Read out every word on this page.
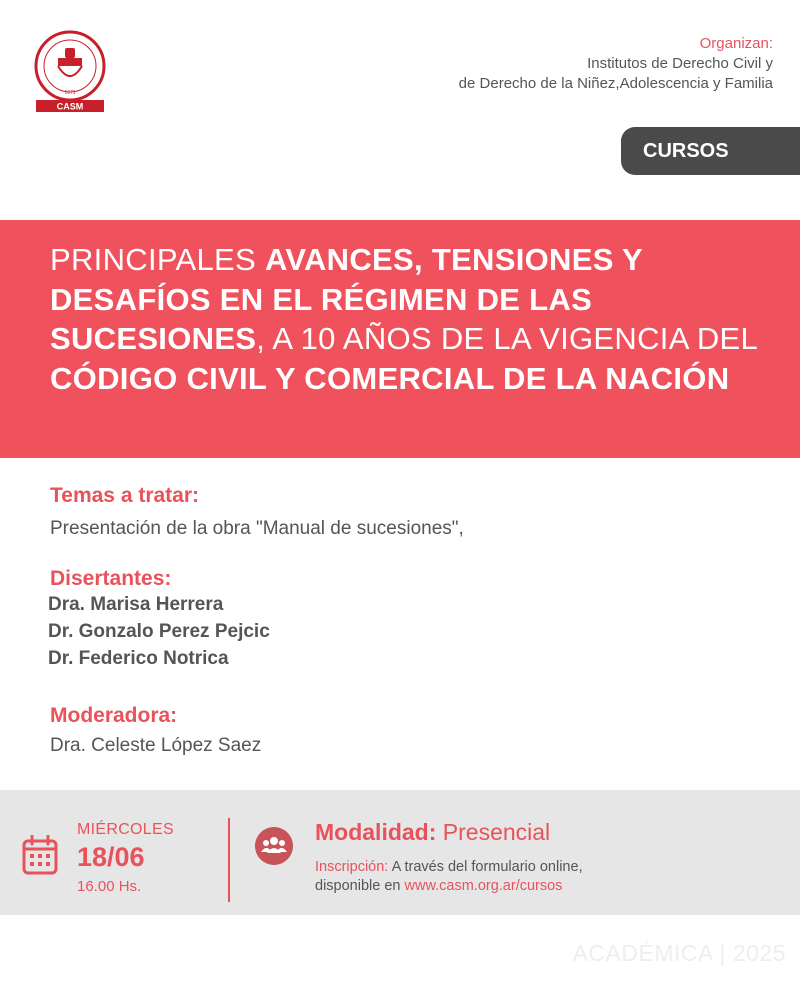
CASM
1971
Organizan:
Institutos de Derecho Civil y
de Derecho de la Niñez,Adolescencia y Familia
CURSOS
PRINCIPALES AVANCES, TENSIONES Y DESAFÍOS EN EL RÉGIMEN DE LAS SUCESIONES, A 10 AÑOS DE LA VIGENCIA DEL CÓDIGO CIVIL Y COMERCIAL DE LA NACIÓN
Temas a tratar:
Presentación de la obra "Manual de sucesiones",
Disertantes:
Dra. Marisa Herrera
Dr. Gonzalo Perez Pejcic
Dr. Federico Notrica
Moderadora:
Dra. Celeste López Saez
MIÉRCOLES
18/06
16.00 Hs.
Modalidad: Presencial
Inscripción: A través del formulario online,
disponible en www.casm.org.ar/cursos
ACADÉMICA | 2025
